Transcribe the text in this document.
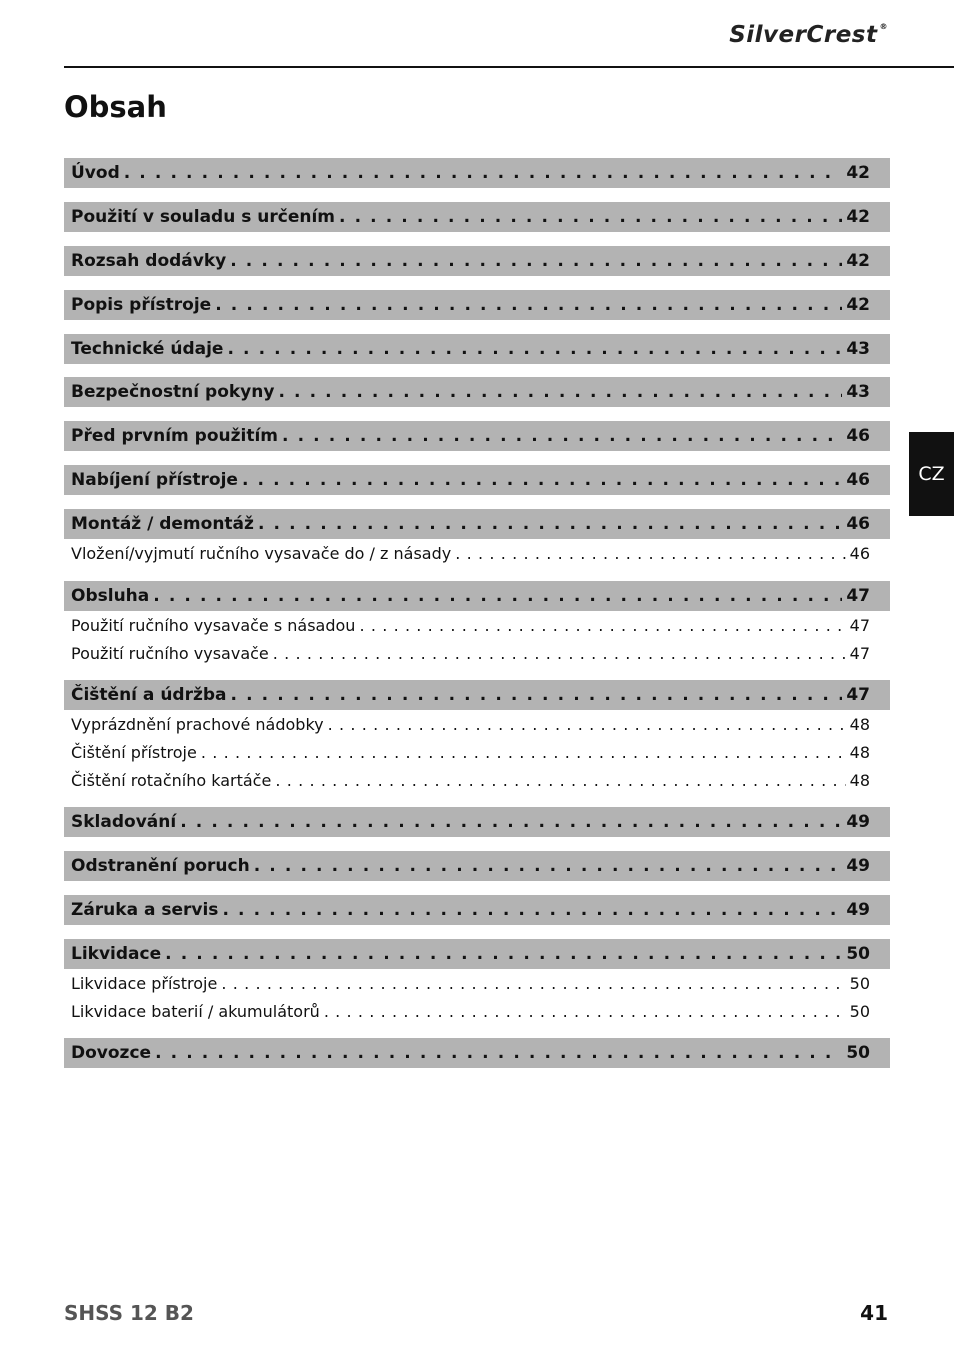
SilverCrest ®
Obsah
Úvod . . .	42
Použití v souladu s určením . . .	42
Rozsah dodávky . . .	42
Popis přístroje . . .	42
Technické údaje . . .	43
Bezpečnostní pokyny . . .	43
Před prvním použitím . . .	46
Nabíjení přístroje . . .	46
Montáž / demontáž . . .	46
Vložení/vyjmutí ručního vysavače do / z násady . . .	46
Obsluha . . .	47
Použití ručního vysavače s násadou . . .	47
Použití ručního vysavače . . .	47
Čištění a údržba . . .	47
Vyprázdnění prachové nádobky . . .	48
Čištění přístroje . . .	48
Čištění rotačního kartáče . . .	48
Skladování . . .	49
Odstranění poruch . . .	49
Záruka a servis . . .	49
Likvidace . . .	50
Likvidace přístroje . . .	50
Likvidace baterií / akumulátorů . . .	50
Dovozce . . .	50
CZ
SHSS 12 B2	41
